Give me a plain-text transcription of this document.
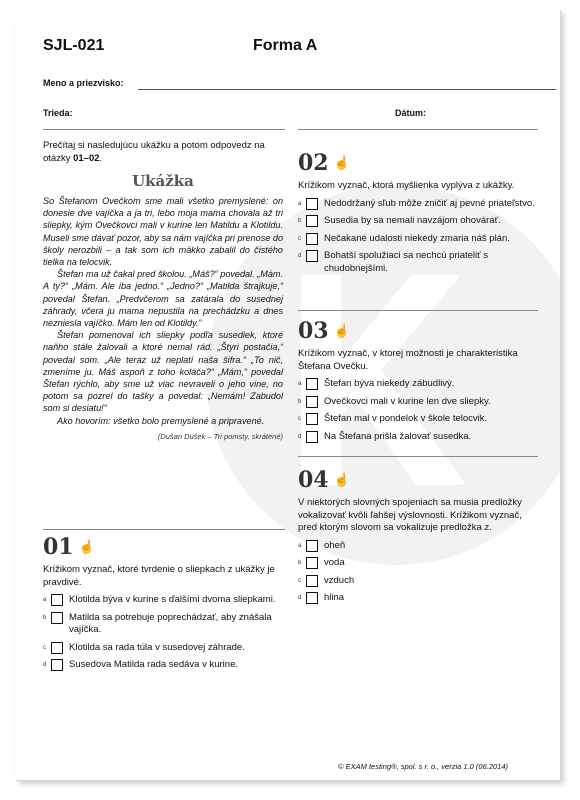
SJL-021	Forma A
Meno a priezvisko:
Trieda:	Dátum:
Prečítaj si nasledujúcu ukážku a potom odpovedz na otázky 01–02.
Ukážka

So Štefanom Ovečkom sme mali všetko premyslené: on donesie dve vajíčka a ja tri, lebo moja mama chovala až tri sliepky, kým Ovečkovci mali v kurine len Matildu a Klotildu. Museli sme dávať pozor, aby sa nám vajíčka pri prenose do školy nerozbili – a tak som ich mäkko zabalil do čistého tielka na telocvik.

Štefan ma už čakal pred školou. „Máš?“ povedal. „Mám. A ty?“ „Mám. Ale iba jedno.“ „Jedno?“ „Matilda štrajkuje,“ povedal Štefan. „Predvčerom sa zatárala do susednej záhrady, včera ju mama nepustila na prechádzku a dnes nezniesla vajíčko. Mám len od Klotildy.“

Štefan pomenoval ich sliepky podľa susediek, ktoré naňho stále žalovali a ktoré nemal rád. „Štyri postačia,“ povedal som. „Ale teraz už neplatí naša šifra.“ „To nič, zmeníme ju. Máš aspoň z toho koláča?“ „Mám,“ povedal Štefan rýchlo, aby sme už viac nevraveli o jeho vine, no potom sa pozrel do tašky a povedal: „Nemám! Zabudol som si desiatu!“

Ako hovorím: všetko bolo premyslené a pripravené.

(Dušan Dušek – Tri pomsty, skrátené)
01 ☝
Krížikom vyznač, ktoré tvrdenie o sliepkach z ukážky je pravdivé.
a	Klotilda býva v kurine s ďalšími dvoma sliepkami.
b	Matilda sa potrebuje poprechádzať, aby znášala vajíčka.
c	Klotilda sa rada túla v susedovej záhrade.
d	Susedova Matilda rada sedáva v kurine.
02 ☝
Krížikom vyznač, ktorá myšlienka vyplýva z ukážky.
a	Nedodržaný sľub môže zničiť aj pevné priateľstvo.
b	Susedia by sa nemali navzájom ohovárať.
c	Nečakané udalosti niekedy zmaria náš plán.
d	Bohatší spolužiaci sa nechcú priateliť s chudobnejšími.
03 ☝
Krížikom vyznač, v ktorej možnosti je charakteristika Štefana Ovečku.
a	Štefan býva niekedy zábudlivý.
b	Ovečkovci mali v kurine len dve sliepky.
c	Štefan mal v pondelok v škole telocvik.
d	Na Štefana prišla žalovať susedka.
04 ☝
V niektorých slovných spojeniach sa musia predložky vokalizovať kvôli ľahšej výslovnosti. Krížikom vyznač, pred ktorým slovom sa vokalizuje predložka z.
a	oheň
b	voda
c	vzduch
d	hlina
© EXAM testing®, spol. s r. o., verzia 1.0 (06.2014)
